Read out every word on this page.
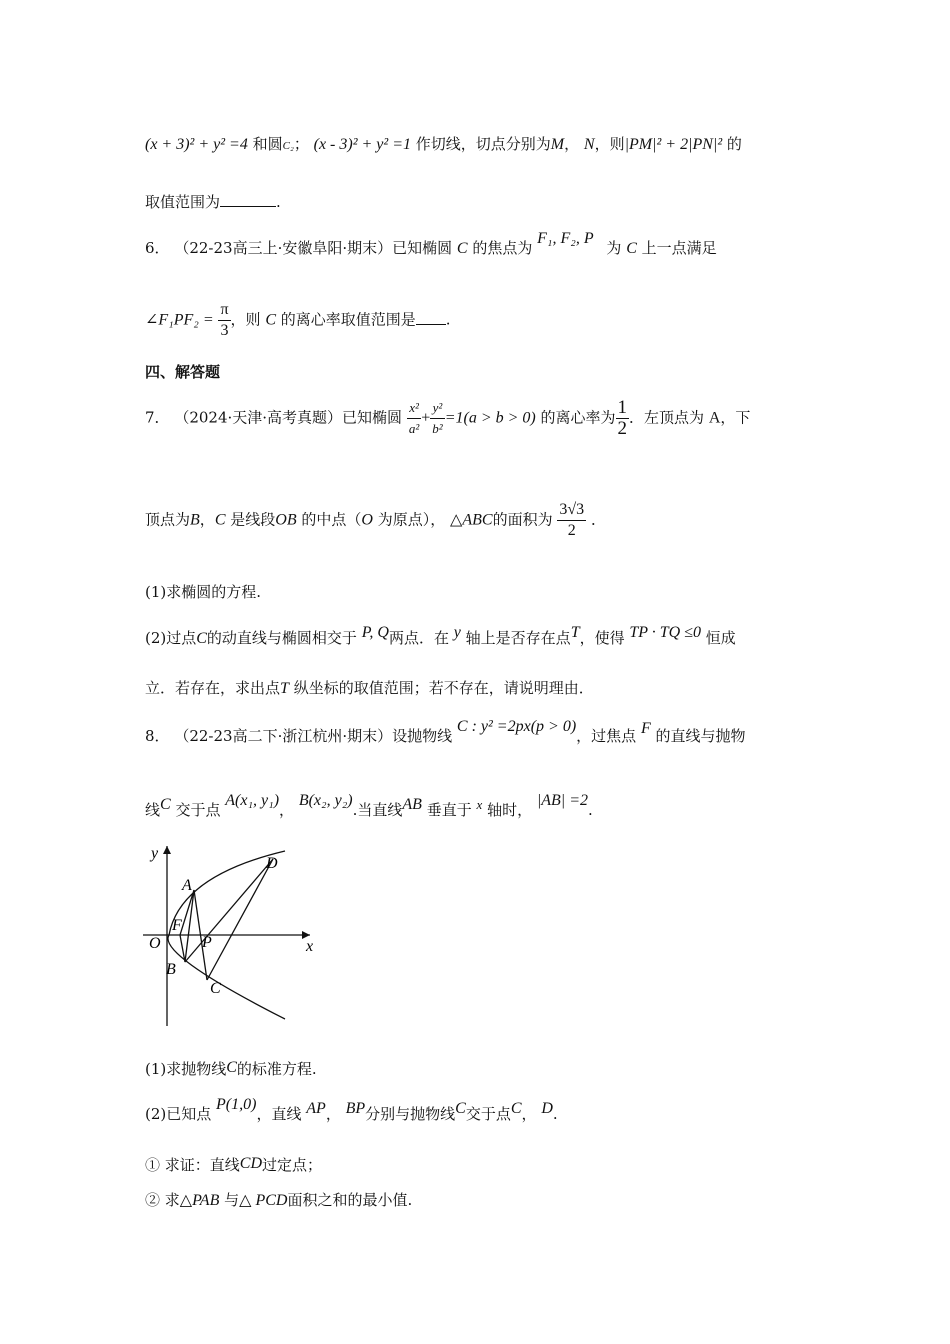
(x + 3)² + y² =4 和圆C₂； (x - 3)² + y² =1 作切线，切点分别为M， N，则|PM|² + 2|PN|² 的
取值范围为	.
6． （22-23高三上·安徽阜阳·期末）已知椭圆 C 的焦点为 F₁, F₂, P 为 C 上一点满足
∠F₁PF₂ = $\frac{\pi}{3}$ ，则 C 的离心率取值范围是 .
四、解答题
7． （2024·天津·高考真题）已知椭圆 $\frac{\text{x²}}{\text{a²}} + \frac{\text{y²}}{\text{b²}} =1(a > b > 0)$ 的离心率为 $\frac{1}{2}$ ．左顶点为 A，下
顶点为B，C 是线段OB 的中点（O 为原点）， △ABC的面积为 $\frac{3√3}{2}$ ．
(1)求椭圆的方程.
(2)过点C的动直线与椭圆相交于 P, Q两点．在 y 轴上是否存在点T，使得 TP · TQ ≤0 恒成
立．若存在，求出点T 纵坐标的取值范围；若不存在，请说明理由．
8． （22-23高二下·浙江杭州·期末）设抛物线 C : y² =2px(p > 0)，过焦点 F 的直线与抛物
线C 交于点 A(x₁, y₁)， B(x₂, y₂).当直线AB 垂直于 x 轴时， |AB| =2.
y
x
O
F
P
A
B
C
D
(1)求抛物线C的标准方程.
(2)已知点 P(1,0)，直线 AP， BP分别与抛物线C交于点C， D.
① 求证：直线CD过定点；
② 求△PAB 与△ PCD面积之和的最小值.
